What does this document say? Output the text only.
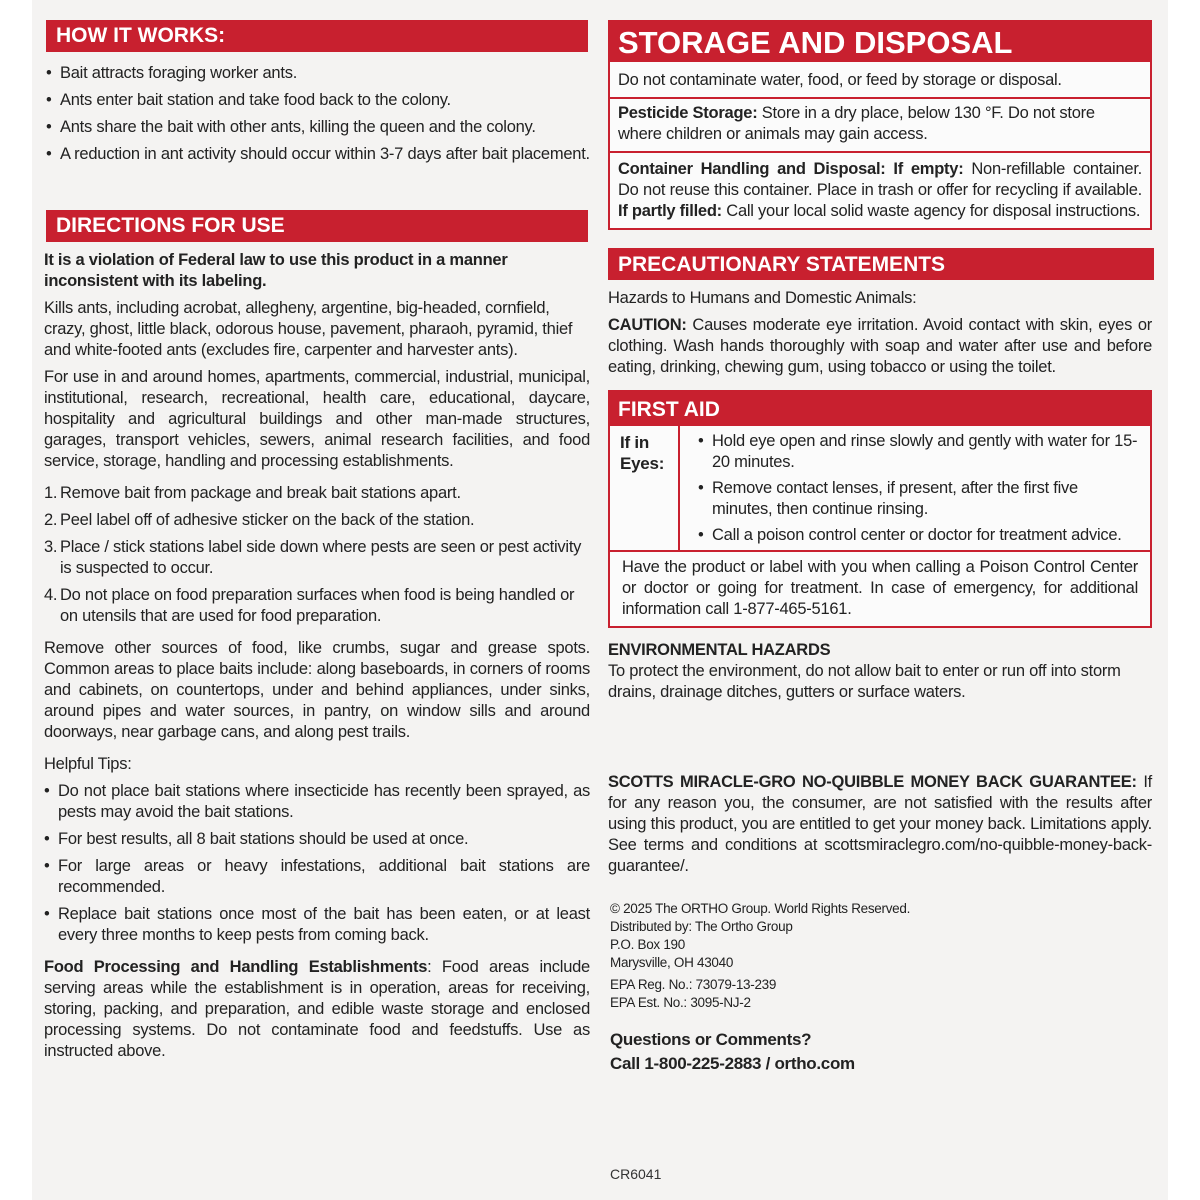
HOW IT WORKS:
• Bait attracts foraging worker ants.
• Ants enter bait station and take food back to the colony.
• Ants share the bait with other ants, killing the queen and the colony.
• A reduction in ant activity should occur within 3-7 days after bait placement.
DIRECTIONS FOR USE

It is a violation of Federal law to use this product in a manner inconsistent with its labeling.

Kills ants, including acrobat, allegheny, argentine, big-headed, cornfield, crazy, ghost, little black, odorous house, pavement, pharaoh, pyramid, thief and white-footed ants (excludes fire, carpenter and harvester ants).

For use in and around homes, apartments, commercial, industrial, municipal, institutional, research, recreational, health care, educational, daycare, hospitality and agricultural buildings and other man-made structures, garages, transport vehicles, sewers, animal research facilities, and food service, storage, handling and processing establishments.

1. Remove bait from package and break bait stations apart.
2. Peel label off of adhesive sticker on the back of the station.
3. Place / stick stations label side down where pests are seen or pest activity is suspected to occur.
4. Do not place on food preparation surfaces when food is being handled or on utensils that are used for food preparation.

Remove other sources of food, like crumbs, sugar and grease spots. Common areas to place baits include: along baseboards, in corners of rooms and cabinets, on countertops, under and behind appliances, under sinks, around pipes and water sources, in pantry, on window sills and around doorways, near garbage cans, and along pest trails.

Helpful Tips:

• Do not place bait stations where insecticide has recently been sprayed, as pests may avoid the bait stations.
• For best results, all 8 bait stations should be used at once.
• For large areas or heavy infestations, additional bait stations are recommended.
• Replace bait stations once most of the bait has been eaten, or at least every three months to keep pests from coming back.

Food Processing and Handling Establishments: Food areas include serving areas while the establishment is in operation, areas for receiving, storing, packing, and preparation, and edible waste storage and enclosed processing systems. Do not contaminate food and feedstuffs. Use as instructed above.

STORAGE AND DISPOSAL
Do not contaminate water, food, or feed by storage or disposal.
Pesticide Storage: Store in a dry place, below 130 °F. Do not store where children or animals may gain access.
Container Handling and Disposal: If empty: Non-refillable container. Do not reuse this container. Place in trash or offer for recycling if available. If partly filled: Call your local solid waste agency for disposal instructions.
PRECAUTIONARY STATEMENTS

Hazards to Humans and Domestic Animals:

CAUTION: Causes moderate eye irritation. Avoid contact with skin, eyes or clothing. Wash hands thoroughly with soap and water after use and before eating, drinking, chewing gum, using tobacco or using the toilet.

FIRST AID
If in
Eyes:
• Hold eye open and rinse slowly and gently with water for 15-20 minutes.
• Remove contact lenses, if present, after the first five minutes, then continue rinsing.
• Call a poison control center or doctor for treatment advice.
Have the product or label with you when calling a Poison Control Center or doctor or going for treatment. In case of emergency, for additional information call 1-877-465-5161.

ENVIRONMENTAL HAZARDS

To protect the environment, do not allow bait to enter or run off into storm drains, drainage ditches, gutters or surface waters.

SCOTTS MIRACLE-GRO NO-QUIBBLE MONEY BACK GUARANTEE: If for any reason you, the consumer, are not satisfied with the results after using this product, you are entitled to get your money back. Limitations apply. See terms and conditions at scottsmiraclegro.com/no-quibble-money-back-guarantee/.
© 2025 The ORTHO Group. World Rights Reserved.
Distributed by: The Ortho Group
P.O. Box 190
Marysville, OH 43040
EPA Reg. No.: 73079-13-239
EPA Est. No.: 3095-NJ-2
Questions or Comments?
Call 1-800-225-2883 / ortho.com
CR6041
